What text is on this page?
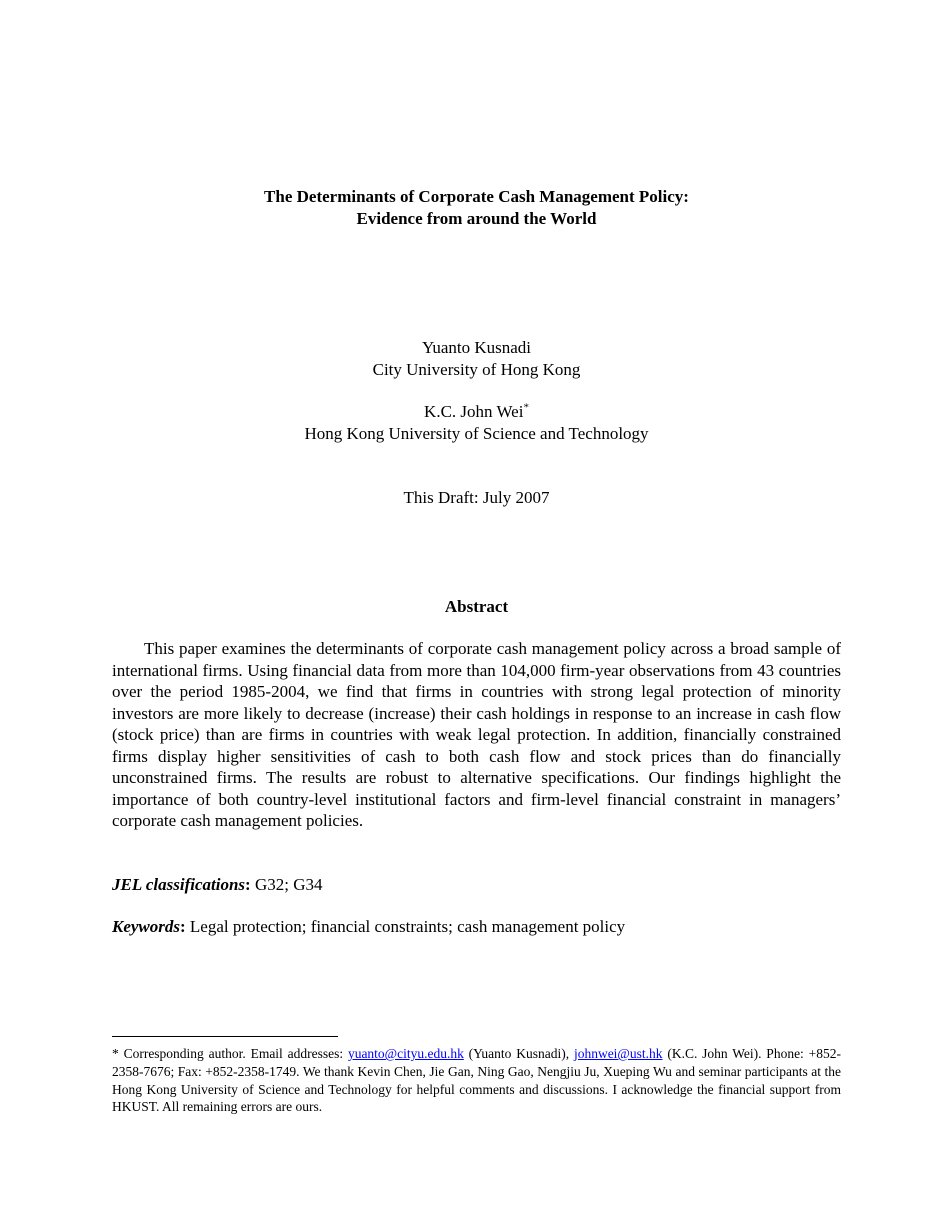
The Determinants of Corporate Cash Management Policy:
Evidence from around the World
Yuanto Kusnadi
City University of Hong Kong
K.C. John Wei*
Hong Kong University of Science and Technology
This Draft: July 2007
Abstract

This paper examines the determinants of corporate cash management policy across a broad sample of international firms. Using financial data from more than 104,000 firm-year observations from 43 countries over the period 1985-2004, we find that firms in countries with strong legal protection of minority investors are more likely to decrease (increase) their cash holdings in response to an increase in cash flow (stock price) than are firms in countries with weak legal protection. In addition, financially constrained firms display higher sensitivities of cash to both cash flow and stock prices than do financially unconstrained firms. The results are robust to alternative specifications. Our findings highlight the importance of both country-level institutional factors and firm-level financial constraint in managers’ corporate cash management policies.

JEL classifications: G32; G34

Keywords: Legal protection; financial constraints; cash management policy

* Corresponding author. Email addresses: yuanto@cityu.edu.hk (Yuanto Kusnadi), johnwei@ust.hk (K.C. John Wei). Phone: +852-2358-7676; Fax: +852-2358-1749. We thank Kevin Chen, Jie Gan, Ning Gao, Nengjiu Ju, Xueping Wu and seminar participants at the Hong Kong University of Science and Technology for helpful comments and discussions. I acknowledge the financial support from HKUST. All remaining errors are ours.
